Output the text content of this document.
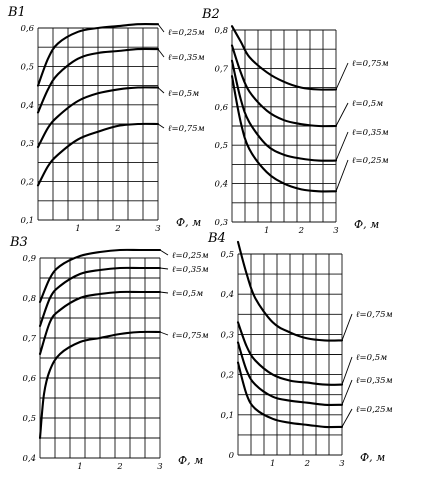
0,1
0,2
0,3
0,4
0,5
0,6
1	2	3
B1
Ф, м
ℓ=0,25м
ℓ=0,35м
ℓ=0,5м
ℓ=0,75м
0,3
0,4
0,5
0,6
0,7
0,8
1	2	3
B2
Ф, м
ℓ=0,75м
ℓ=0,5м
ℓ=0,35м
ℓ=0,25м
0,4
0,5
0,6
0,7
0,8
0,9
1	2	3
B3
Ф, м
ℓ=0,25м
ℓ=0,35м
ℓ=0,5м
ℓ=0,75м
0
0,1
0,2
0,3
0,4
0,5
1	2	3
B4
Ф, м
ℓ=0,75м
ℓ=0,5м
ℓ=0,35м
ℓ=0,25м
